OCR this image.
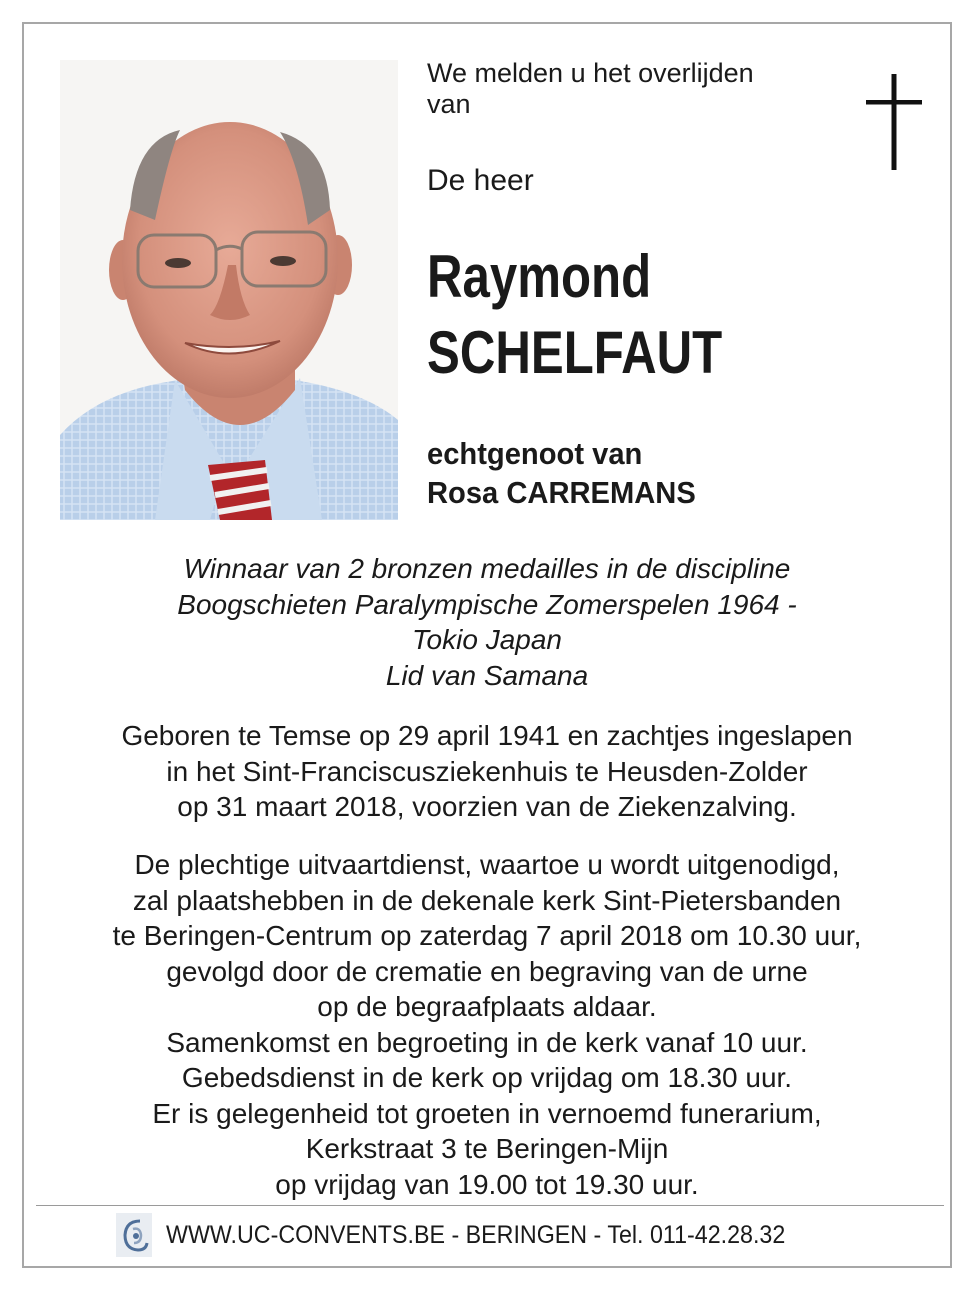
We melden u het overlijden
van
De heer
Raymond
SCHELFAUT
echtgenoot van
Rosa CARREMANS
Winnaar van 2 bronzen medailles in de discipline
Boogschieten Paralympische Zomerspelen 1964 -
Tokio Japan
Lid van Samana
Geboren te Temse op 29 april 1941 en zachtjes ingeslapen
in het Sint-Franciscusziekenhuis te Heusden-Zolder
op 31 maart 2018, voorzien van de Ziekenzalving.
De plechtige uitvaartdienst, waartoe u wordt uitgenodigd,
zal plaatshebben in de dekenale kerk Sint-Pietersbanden
te Beringen-Centrum op zaterdag 7 april 2018 om 10.30 uur,
gevolgd door de crematie en begraving van de urne
op de begraafplaats aldaar.
Samenkomst en begroeting in de kerk vanaf 10 uur.
Gebedsdienst in de kerk op vrijdag om 18.30 uur.
Er is gelegenheid tot groeten in vernoemd funerarium,
Kerkstraat 3 te Beringen-Mijn
op vrijdag van 19.00 tot 19.30 uur.
WWW.UC-CONVENTS.BE - BERINGEN - Tel. 011-42.28.32
